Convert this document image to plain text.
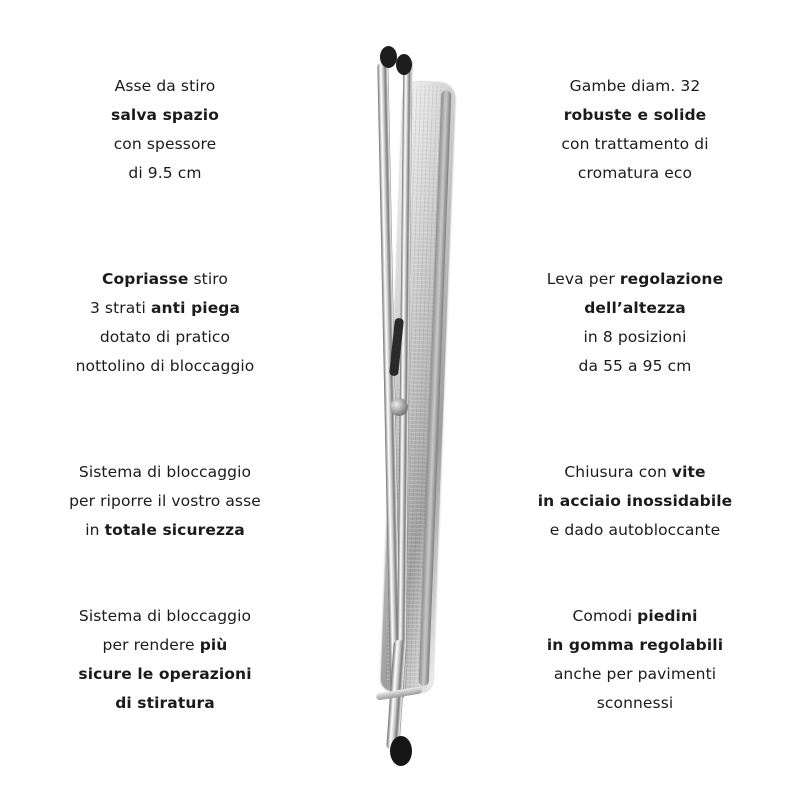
Asse da stiro
salva spazio
con spessore
di 9.5 cm
Copriasse stiro
3 strati anti piega
dotato di pratico
nottolino di bloccaggio
Sistema di bloccaggio
per riporre il vostro asse
in totale sicurezza
Sistema di bloccaggio
per rendere più
sicure le operazioni
di stiratura
Gambe diam. 32
robuste e solide
con trattamento di
cromatura eco
Leva per regolazione
dell’altezza
in 8 posizioni
da 55 a 95 cm
Chiusura con vite
in acciaio inossidabile
e dado autobloccante
Comodi piedini
in gomma regolabili
anche per pavimenti
sconnessi
